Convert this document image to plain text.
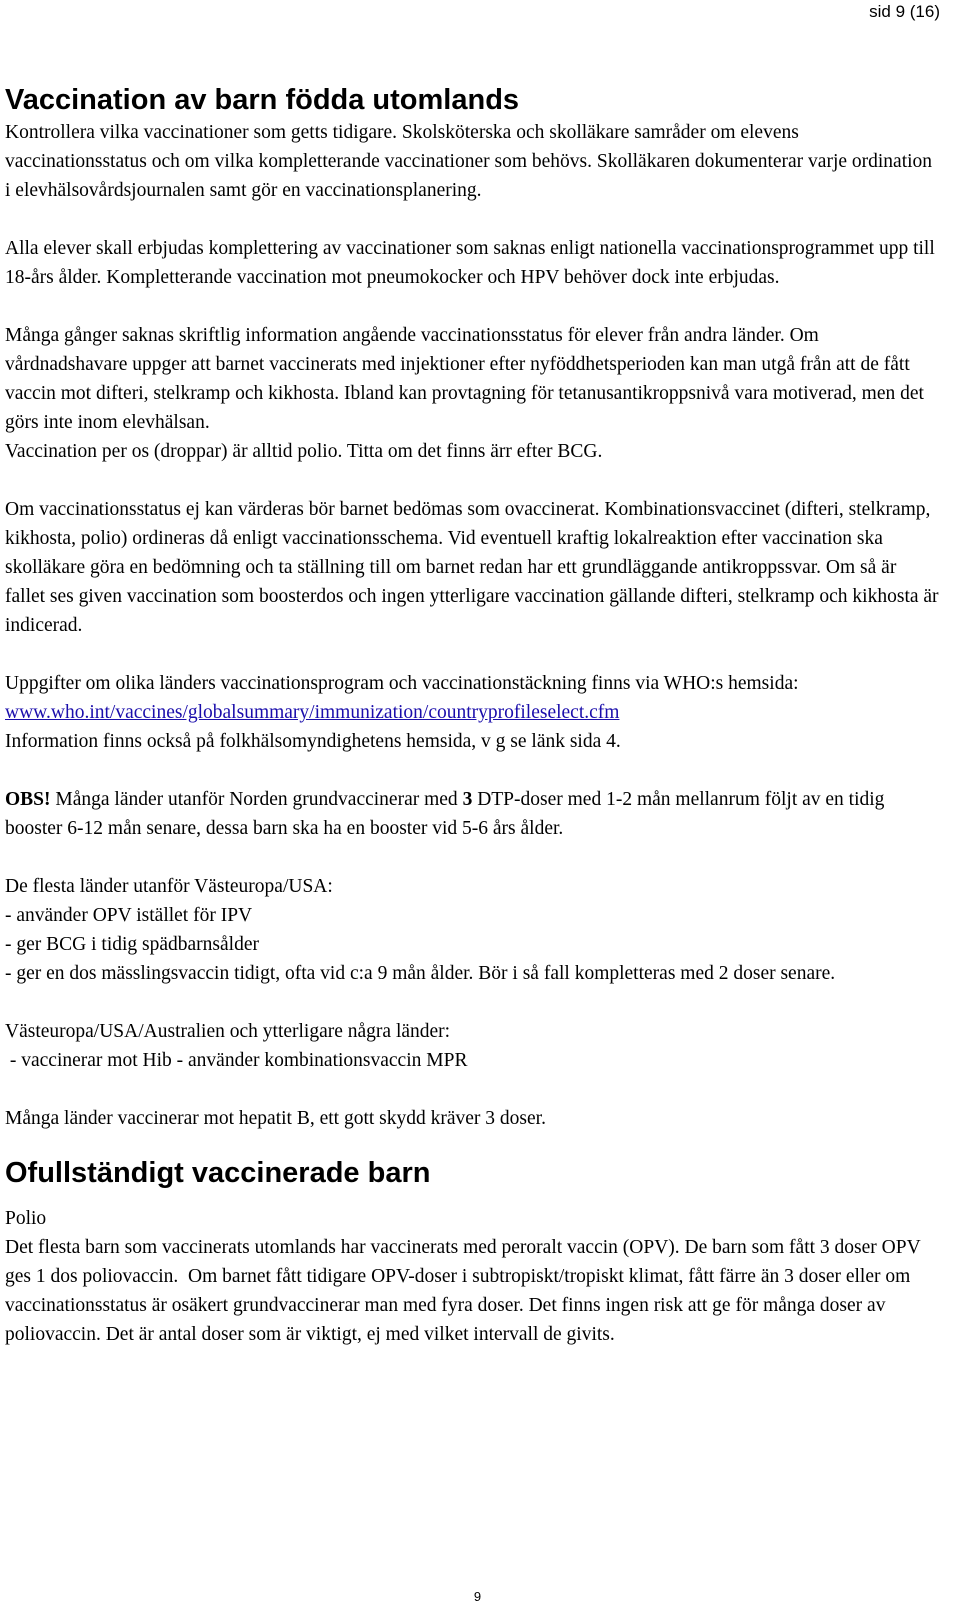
sid 9 (16)
Vaccination av barn födda utomlands

Kontrollera vilka vaccinationer som getts tidigare. Skolsköterska och skolläkare samråder om elevens vaccinationsstatus och om vilka kompletterande vaccinationer som behövs. Skolläkaren dokumenterar varje ordination i elevhälsovårdsjournalen samt gör en vaccinationsplanering.

Alla elever skall erbjudas komplettering av vaccinationer som saknas enligt nationella vaccinationsprogrammet upp till 18-års ålder. Kompletterande vaccination mot pneumokocker och HPV behöver dock inte erbjudas.

Många gånger saknas skriftlig information angående vaccinationsstatus för elever från andra länder. Om vårdnadshavare uppger att barnet vaccinerats med injektioner efter nyföddhetsperioden kan man utgå från att de fått vaccin mot difteri, stelkramp och kikhosta. Ibland kan provtagning för tetanusantikroppsnivå vara motiverad, men det görs inte inom elevhälsan.

Vaccination per os (droppar) är alltid polio. Titta om det finns ärr efter BCG.

Om vaccinationsstatus ej kan värderas bör barnet bedömas som ovaccinerat. Kombinationsvaccinet (difteri, stelkramp, kikhosta, polio) ordineras då enligt vaccinationsschema. Vid eventuell kraftig lokalreaktion efter vaccination ska skolläkare göra en bedömning och ta ställning till om barnet redan har ett grundläggande antikroppssvar. Om så är fallet ses given vaccination som boosterdos och ingen ytterligare vaccination gällande difteri, stelkramp och kikhosta är indicerad.

Uppgifter om olika länders vaccinationsprogram och vaccinationstäckning finns via WHO:s hemsida:

www.who.int/vaccines/globalsummary/immunization/countryprofileselect.cfm

Information finns också på folkhälsomyndighetens hemsida, v g se länk sida 4.

OBS! Många länder utanför Norden grundvaccinerar med 3 DTP-doser med 1-2 mån mellanrum följt av en tidig booster 6-12 mån senare, dessa barn ska ha en booster vid 5-6 års ålder.

De flesta länder utanför Västeuropa/USA:

- använder OPV istället för IPV

- ger BCG i tidig spädbarnsålder

- ger en dos mässlingsvaccin tidigt, ofta vid c:a 9 mån ålder. Bör i så fall kompletteras med 2 doser senare.

Västeuropa/USA/Australien och ytterligare några länder:

- vaccinerar mot Hib - använder kombinationsvaccin MPR

Många länder vaccinerar mot hepatit B, ett gott skydd kräver 3 doser.

Ofullständigt vaccinerade barn

Polio

Det flesta barn som vaccinerats utomlands har vaccinerats med peroralt vaccin (OPV). De barn som fått 3 doser OPV ges 1 dos poliovaccin.  Om barnet fått tidigare OPV-doser i subtropiskt/tropiskt klimat, fått färre än 3 doser eller om vaccinationsstatus är osäkert grundvaccinerar man med fyra doser. Det finns ingen risk att ge för många doser av poliovaccin. Det är antal doser som är viktigt, ej med vilket intervall de givits.

9
